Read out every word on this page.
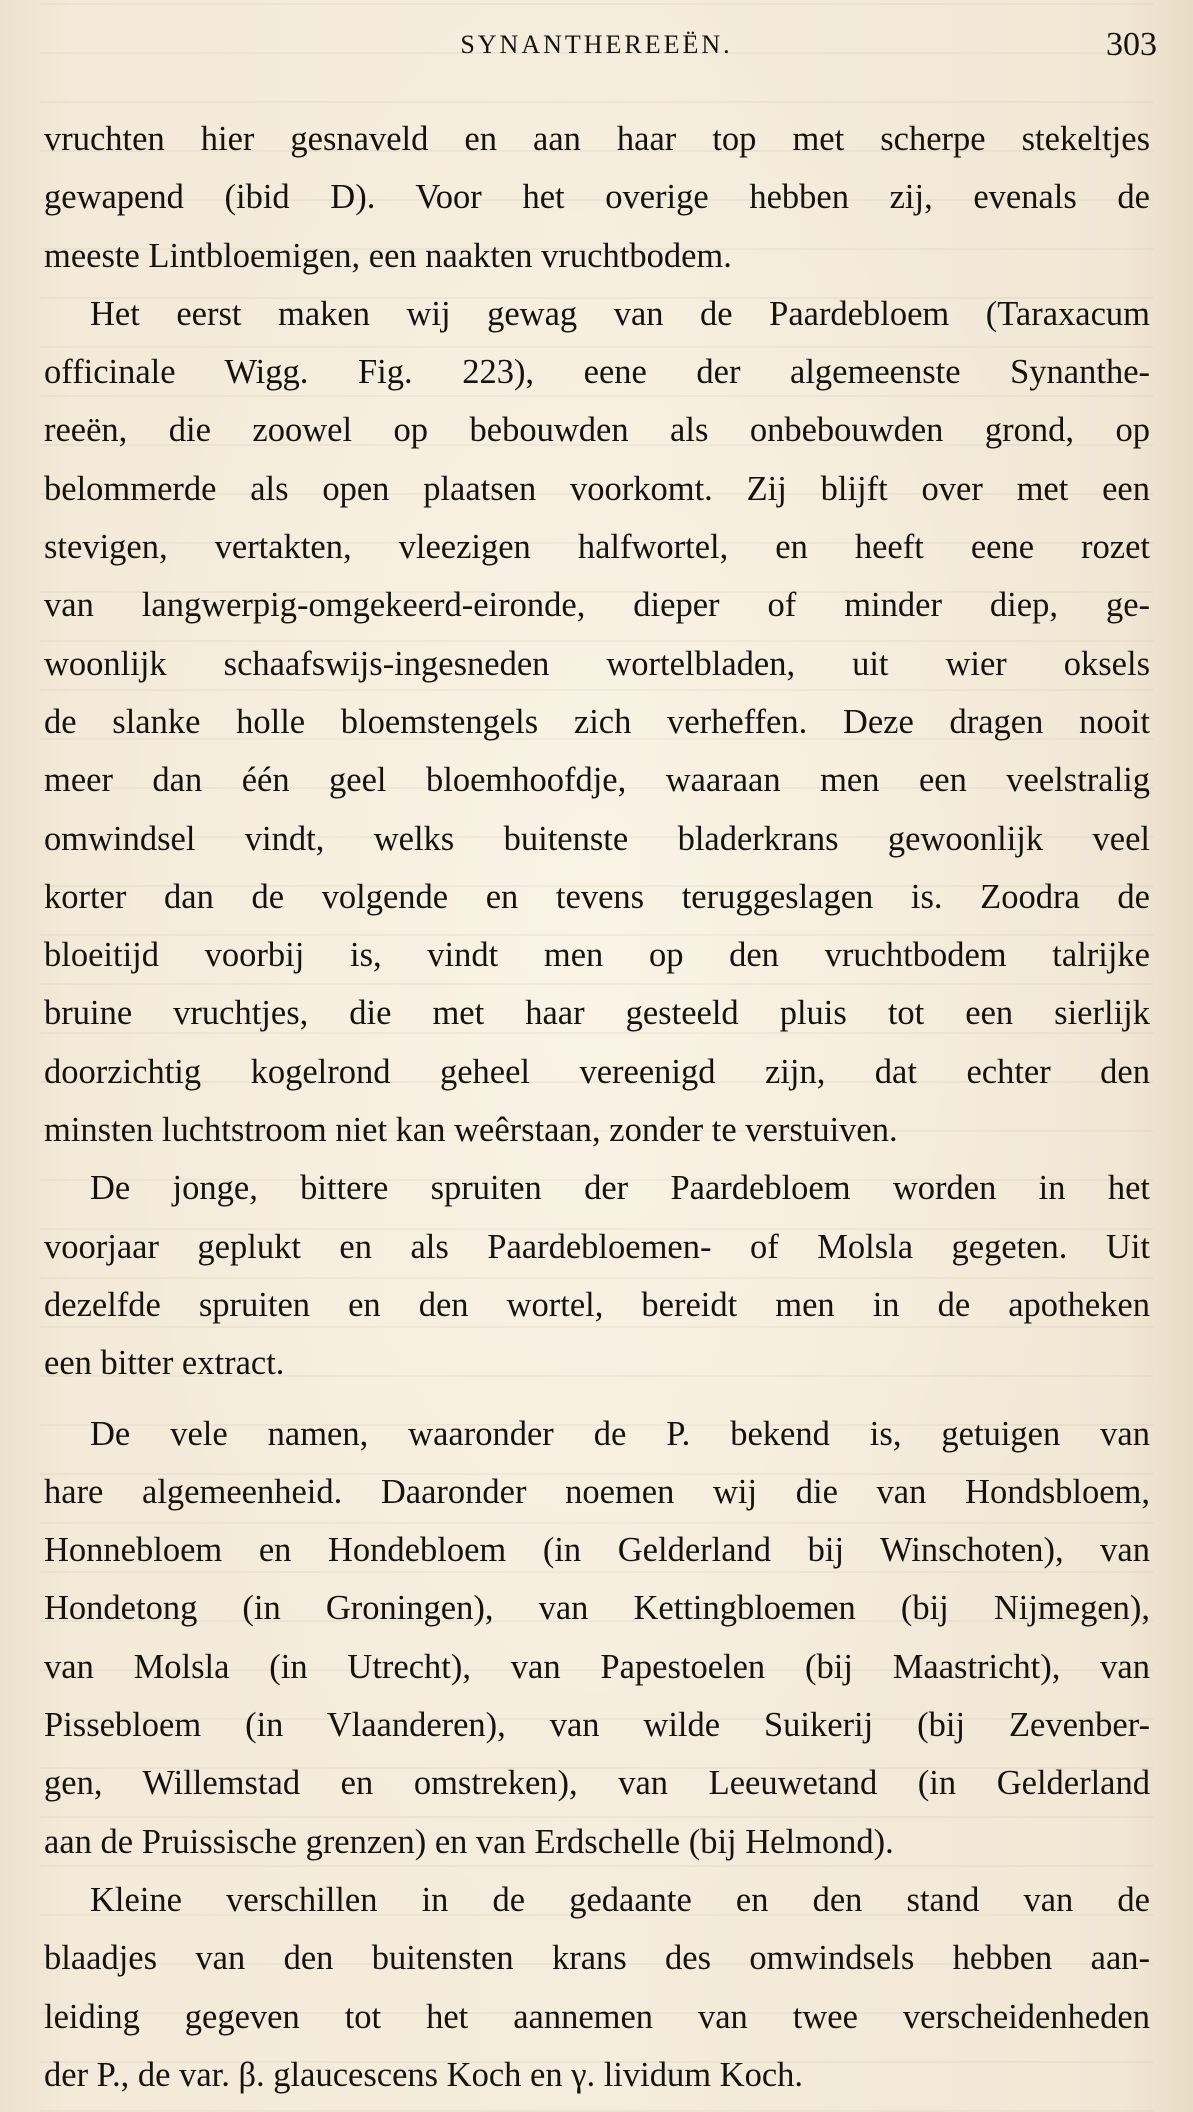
SYNANTHEREEËN.	303
vruchten hier gesnaveld en aan haar top met scherpe stekeltjes
gewapend (ibid D). Voor het overige hebben zij, evenals de
meeste Lintbloemigen, een naakten vruchtbodem.
Het eerst maken wij gewag van de Paardebloem (Taraxacum
officinale Wigg. Fig. 223), eene der algemeenste Synanthe-
reeën, die zoowel op bebouwden als onbebouwden grond, op
belommerde als open plaatsen voorkomt. Zij blijft over met een
stevigen, vertakten, vleezigen halfwortel, en heeft eene rozet
van langwerpig-omgekeerd-eironde, dieper of minder diep, ge-
woonlijk schaafswijs-ingesneden wortelbladen, uit wier oksels
de slanke holle bloemstengels zich verheffen. Deze dragen nooit
meer dan één geel bloemhoofdje, waaraan men een veelstralig
omwindsel vindt, welks buitenste bladerkrans gewoonlijk veel
korter dan de volgende en tevens teruggeslagen is. Zoodra de
bloeitijd voorbij is, vindt men op den vruchtbodem talrijke
bruine vruchtjes, die met haar gesteeld pluis tot een sierlijk
doorzichtig kogelrond geheel vereenigd zijn, dat echter den
minsten luchtstroom niet kan weêrstaan, zonder te verstuiven.
De jonge, bittere spruiten der Paardebloem worden in het
voorjaar geplukt en als Paardebloemen- of Molsla gegeten. Uit
dezelfde spruiten en den wortel, bereidt men in de apotheken
een bitter extract.
De vele namen, waaronder de P. bekend is, getuigen van
hare algemeenheid. Daaronder noemen wij die van Hondsbloem,
Honnebloem en Hondebloem (in Gelderland bij Winschoten), van
Hondetong (in Groningen), van Kettingbloemen (bij Nijmegen),
van Molsla (in Utrecht), van Papestoelen (bij Maastricht), van
Pissebloem (in Vlaanderen), van wilde Suikerij (bij Zevenber-
gen, Willemstad en omstreken), van Leeuwetand (in Gelderland
aan de Pruissische grenzen) en van Erdschelle (bij Helmond).
Kleine verschillen in de gedaante en den stand van de
blaadjes van den buitensten krans des omwindsels hebben aan-
leiding gegeven tot het aannemen van twee verscheidenheden
der P., de var. β. glaucescens Koch en γ. lividum Koch.
